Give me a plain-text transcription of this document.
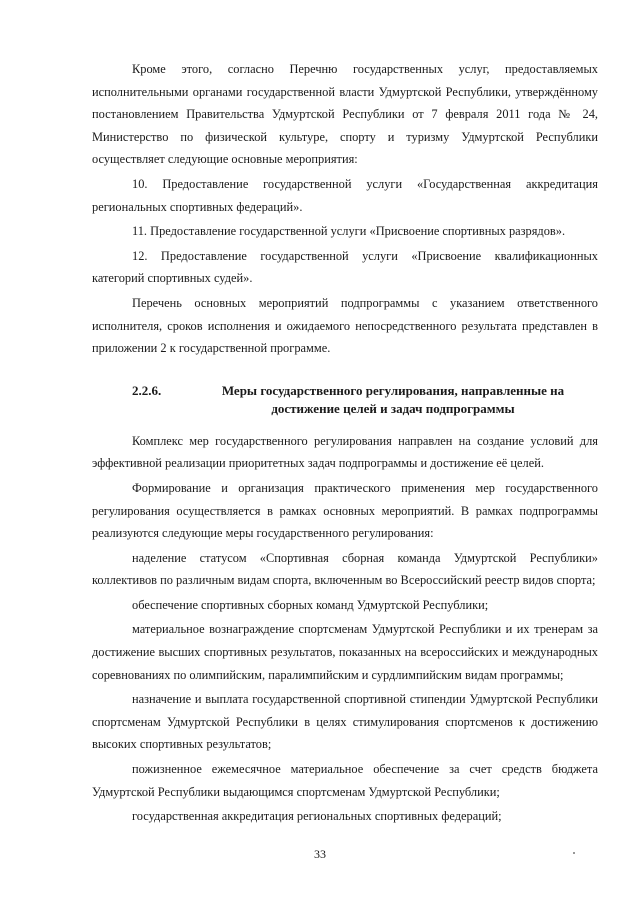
Кроме этого, согласно Перечню государственных услуг, предоставляемых исполнительными органами государственной власти Удмуртской Республики, утверждённому постановлением Правительства Удмуртской Республики от 7 февраля 2011 года № 24, Министерство по физической культуре, спорту и туризму Удмуртской Республики осуществляет следующие основные мероприятия:

10. Предоставление государственной услуги «Государственная аккредитация региональных спортивных федераций».

11. Предоставление государственной услуги «Присвоение спортивных разрядов».

12. Предоставление государственной услуги «Присвоение квалификационных категорий спортивных судей».

Перечень основных мероприятий подпрограммы с указанием ответственного исполнителя, сроков исполнения и ожидаемого непосредственного результата представлен в приложении 2 к государственной программе.

2.2.6.	Меры государственного регулирования, направленные на достижение целей и задач подпрограммы

Комплекс мер государственного регулирования направлен на создание условий для эффективной реализации приоритетных задач подпрограммы и достижение её целей.

Формирование и организация практического применения мер государственного регулирования осуществляется в рамках основных мероприятий. В рамках подпрограммы реализуются следующие меры государственного регулирования:

наделение статусом «Спортивная сборная команда Удмуртской Республики» коллективов по различным видам спорта, включенным во Всероссийский реестр видов спорта;

обеспечение спортивных сборных команд Удмуртской Республики;

материальное вознаграждение спортсменам Удмуртской Республики и их тренерам за достижение высших спортивных результатов, показанных на всероссийских и международных соревнованиях по олимпийским, паралимпийским и сурдлимпийским видам программы;

назначение и выплата государственной спортивной стипендии Удмуртской Республики спортсменам Удмуртской Республики в целях стимулирования спортсменов к достижению высоких спортивных результатов;

пожизненное ежемесячное материальное обеспечение за счет средств бюджета Удмуртской Республики выдающимся спортсменам Удмуртской Республики;

государственная аккредитация региональных спортивных федераций;

33
